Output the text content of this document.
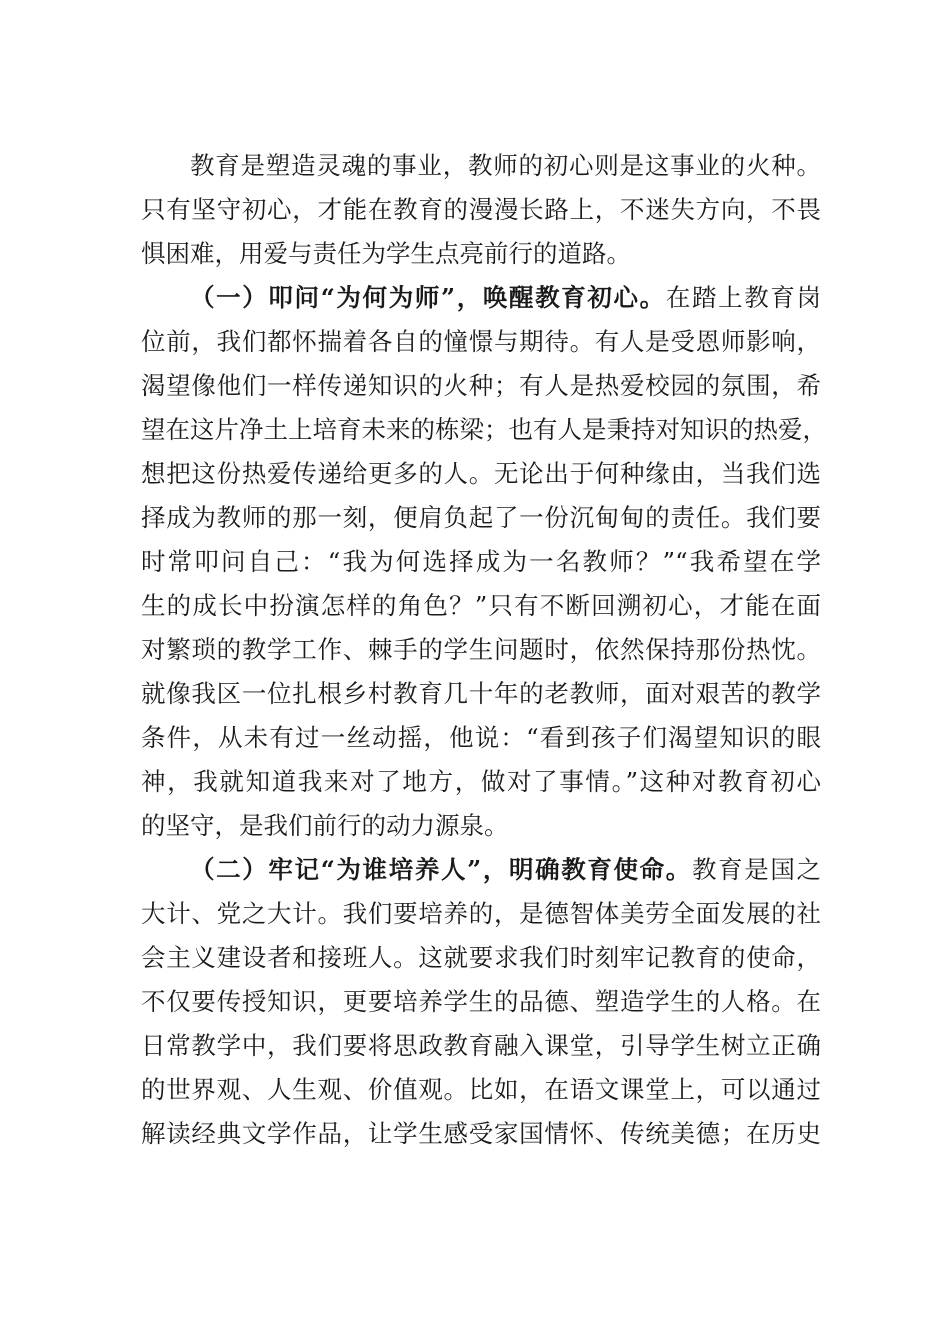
教育是塑造灵魂的事业，教师的初心则是这事业的火种。
只有坚守初心，才能在教育的漫漫长路上，不迷失方向，不畏
惧困难，用爱与责任为学生点亮前行的道路。
（一）叩问“为何为师”，唤醒教育初心。在踏上教育岗
位前，我们都怀揣着各自的憧憬与期待。有人是受恩师影响，
渴望像他们一样传递知识的火种；有人是热爱校园的氛围，希
望在这片净土上培育未来的栋梁；也有人是秉持对知识的热爱，
想把这份热爱传递给更多的人。无论出于何种缘由，当我们选
择成为教师的那一刻，便肩负起了一份沉甸甸的责任。我们要
时常叩问自己：“我为何选择成为一名教师？”“我希望在学
生的成长中扮演怎样的角色？”只有不断回溯初心，才能在面
对繁琐的教学工作、棘手的学生问题时，依然保持那份热忱。
就像我区一位扎根乡村教育几十年的老教师，面对艰苦的教学
条件，从未有过一丝动摇，他说：“看到孩子们渴望知识的眼
神，我就知道我来对了地方，做对了事情。”这种对教育初心
的坚守，是我们前行的动力源泉。
（二）牢记“为谁培养人”，明确教育使命。教育是国之
大计、党之大计。我们要培养的，是德智体美劳全面发展的社
会主义建设者和接班人。这就要求我们时刻牢记教育的使命，
不仅要传授知识，更要培养学生的品德、塑造学生的人格。在
日常教学中，我们要将思政教育融入课堂，引导学生树立正确
的世界观、人生观、价值观。比如，在语文课堂上，可以通过
解读经典文学作品，让学生感受家国情怀、传统美德；在历史
